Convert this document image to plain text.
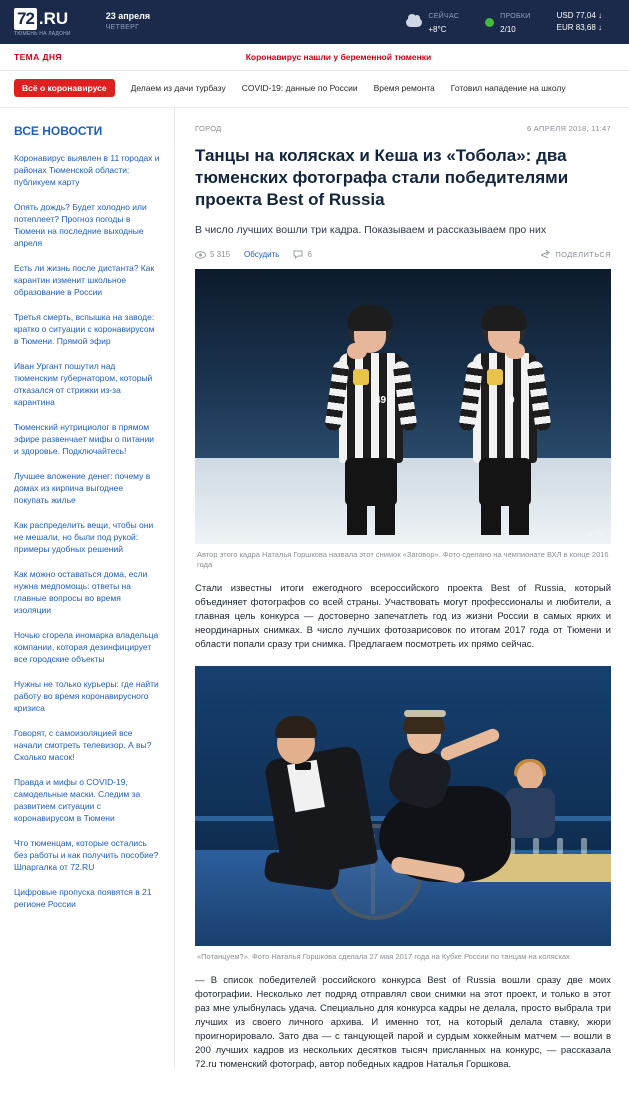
72 .RU
ТЮМЕНЬ НА ЛАДОНИ
23 апреля
ЧЕТВЕРГ
СЕЙЧАС
+8°C
ПРОБКИ
2/10
USD 77,04 ↓
EUR 83,68 ↓
ТЕМА ДНЯ	Коронавирус нашли у беременной тюменки
Всё о коронавирусе	Делаем из дачи турбазу COVID-19: данные по России Время ремонта Готовил нападение на школу
ВСЕ НОВОСТИ
Коронавирус выявлен в 11 городах и районах Тюменской области: публикуем карту
Опять дождь? Будет холодно или потеплеет? Прогноз погоды в Тюмени на последние выходные апреля
Есть ли жизнь после дистанта? Как карантин изменит школьное образование в России
Третья смерть, вспышка на заводе: кратко о ситуации с коронавирусом в Тюмени. Прямой эфир
Иван Ургант пошутил над тюменским губернатором, который отказался от стрижки из-за карантина
Тюменский нутрициолог в прямом эфире развенчает мифы о питании и здоровье. Подключайтесь!
Лучшее вложение денег: почему в домах из кирпича выгоднее покупать жилье
Как распределить вещи, чтобы они не мешали, но были под рукой: примеры удобных решений
Как можно оставаться дома, если нужна медпомощь: ответы на главные вопросы во время изоляции
Ночью сгорела иномарка владельца компании, которая дезинфицирует все городские объекты
Нужны не только курьеры: где найти работу во время коронавирусного кризиса
Говорят, с самоизоляцией все начали смотреть телевизор. А вы? Сколько масок!
Правда и мифы о COVID-19, самодельные маски. Следим за развитием ситуации с коронавирусом в Тюмени
Что тюменцам, которые остались без работы и как получить пособие? Шпаргалка от 72.RU
Цифровые пропуска появятся в 21 регионе России
ГОРОД	6 АПРЕЛЯ 2018, 11:47
Танцы на колясках и Кеша из «Тобола»: два тюменских фотографа стали победителями проекта Best of Russia

В число лучших вошли три кадра. Показываем и рассказываем про них

5 315 Обсудить	6	ПОДЕЛИТЬСЯ
49	9
72.RU
Автор этого кадра Наталья Горшкова назвала этот снимок «Заговор». Фото сделано на чемпионате ВХЛ в конце 2016 года

Стали известны итоги ежегодного всероссийского проекта Best of Russia, который объединяет фотографов со всей страны. Участвовать могут профессионалы и любители, а главная цель конкурса — достоверно запечатлеть год из жизни России в самых ярких и неординарных снимках. В число лучших фотозарисовок по итогам 2017 года от Тюмени и области попали сразу три снимка. Предлагаем посмотреть их прямо сейчас.

«Потанцуем?». Фото Наталья Горшкова сделала 27 мая 2017 года на Кубке России по танцам на колясках

— В список победителей российского конкурса Best of Russia вошли сразу две моих фотографии. Несколько лет подряд отправлял свои снимки на этот проект, и только в этот раз мне улыбнулась удача. Специально для конкурса кадры не делала, просто выбрала три лучших из своего личного архива. И именно тот, на который делала ставку, жюри проигнорировало. Зато два — с танцующей парой и сурдым хоккейным матчем — вошли в 200 лучших кадров из нескольких десятков тысяч присланных на конкурс, — рассказала 72.ru тюменский фотограф, автор победных кадров Наталья Горшкова.
